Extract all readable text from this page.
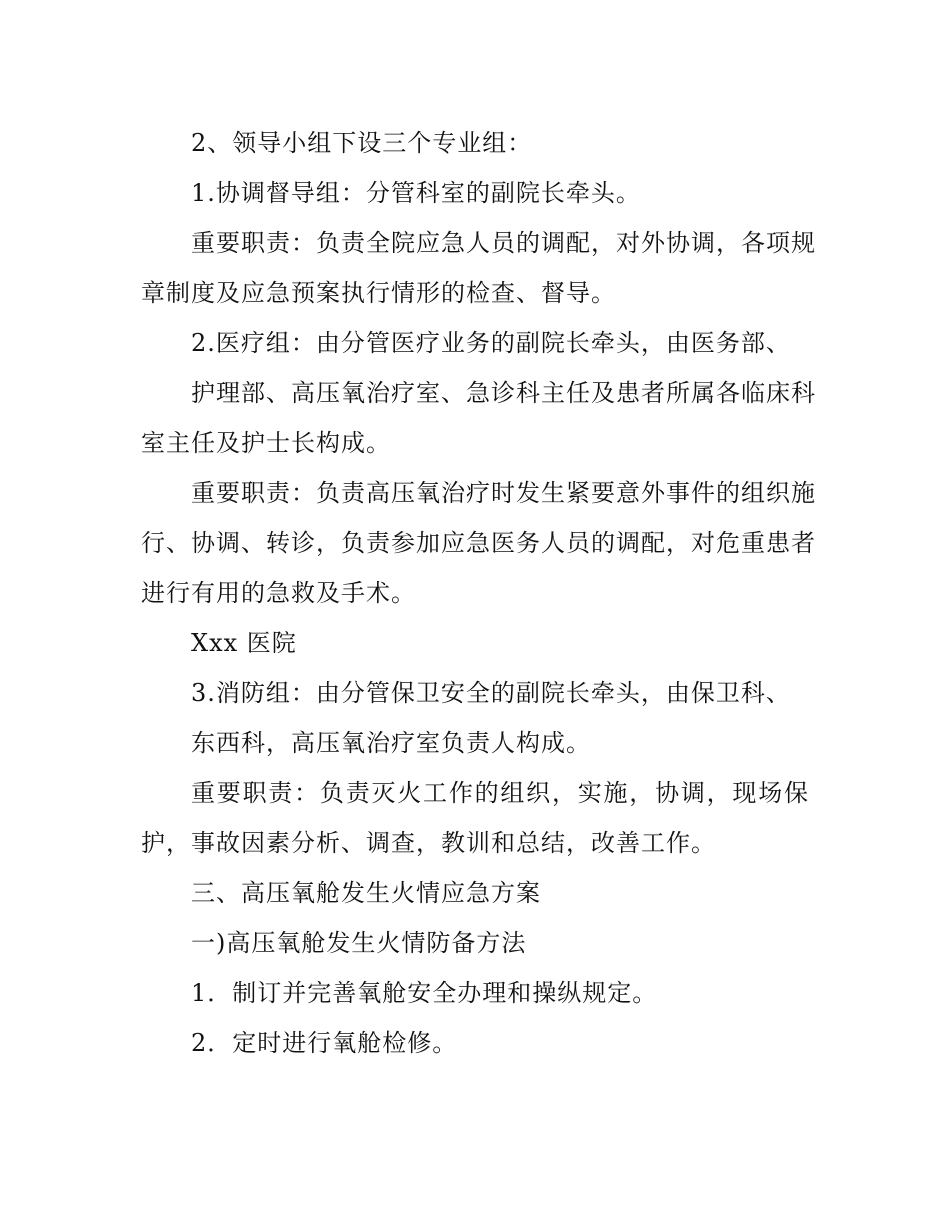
2、领导小组下设三个专业组：
1.协调督导组：分管科室的副院长牵头。
重要职责：负责全院应急人员的调配，对外协调，各项规
章制度及应急预案执行情形的检查、督导。
2.医疗组：由分管医疗业务的副院长牵头，由医务部、
护理部、高压氧治疗室、急诊科主任及患者所属各临床科
室主任及护士长构成。
重要职责：负责高压氧治疗时发生紧要意外事件的组织施
行、协调、转诊，负责参加应急医务人员的调配，对危重患者
进行有用的急救及手术。
Xxx 医院
3.消防组：由分管保卫安全的副院长牵头，由保卫科、
东西科，高压氧治疗室负责人构成。
重要职责：负责灭火工作的组织，实施，协调，现场保
护，事故因素分析、调查，教训和总结，改善工作。
三、高压氧舱发生火情应急方案
一)高压氧舱发生火情防备方法
1．制订并完善氧舱安全办理和操纵规定。
2．定时进行氧舱检修。
